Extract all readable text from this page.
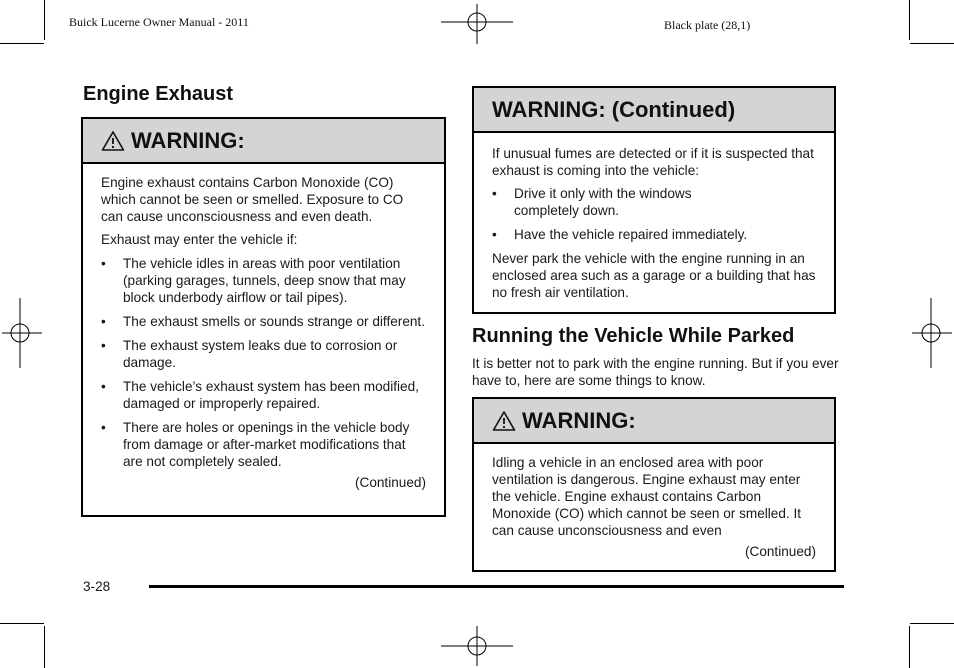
Buick Lucerne Owner Manual - 2011	Black plate (28,1)
Engine Exhaust
WARNING:

Engine exhaust contains Carbon Monoxide (CO) which cannot be seen or smelled. Exposure to CO can cause unconsciousness and even death.

Exhaust may enter the vehicle if:

•	The vehicle idles in areas with poor ventilation (parking garages, tunnels, deep snow that may block underbody airflow or tail pipes).
•	The exhaust smells or sounds strange or different.
•	The exhaust system leaks due to corrosion or damage.
•	The vehicle’s exhaust system has been modified, damaged or improperly repaired.
•	There are holes or openings in the vehicle body from damage or after-market modifications that are not completely sealed.
(Continued)
WARNING: (Continued)

If unusual fumes are detected or if it is suspected that exhaust is coming into the vehicle:

•	Drive it only with the windows completely down.
•	Have the vehicle repaired immediately.

Never park the vehicle with the engine running in an enclosed area such as a garage or a building that has no fresh air ventilation.

Running the Vehicle While Parked

It is better not to park with the engine running. But if you ever have to, here are some things to know.

WARNING:

Idling a vehicle in an enclosed area with poor ventilation is dangerous. Engine exhaust may enter the vehicle. Engine exhaust contains Carbon Monoxide (CO) which cannot be seen or smelled. It can cause unconsciousness and even

(Continued)
3-28
